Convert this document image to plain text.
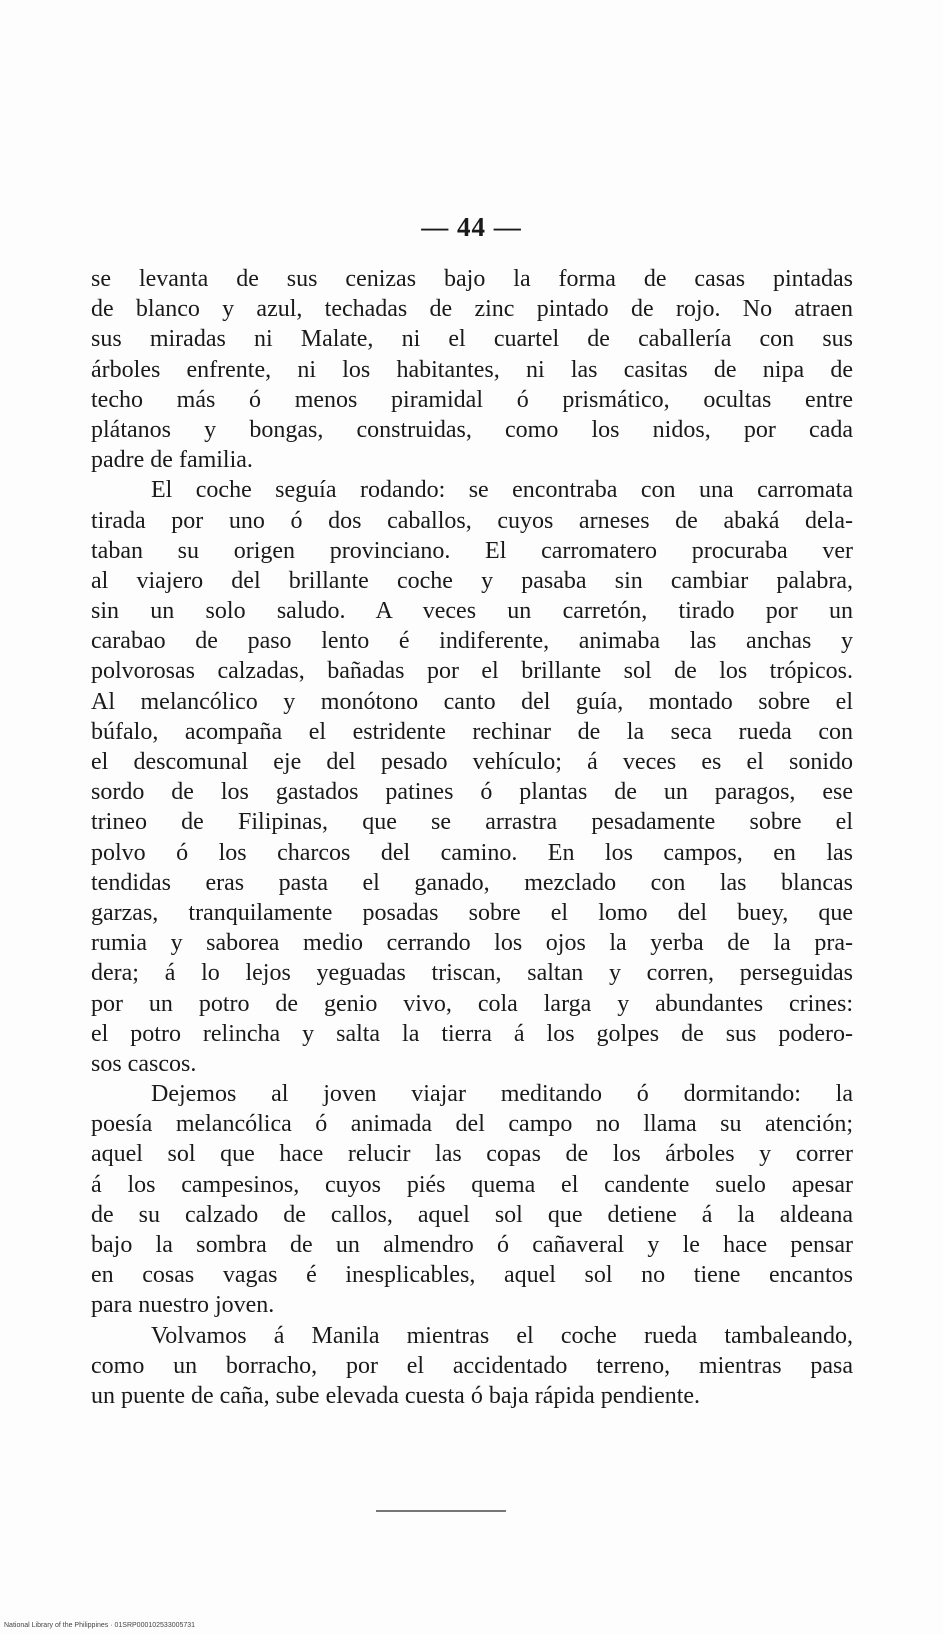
— 44 —
se levanta de sus cenizas bajo la forma de casas pintadas
de blanco y azul, techadas de zinc pintado de rojo. No atraen
sus miradas ni Malate, ni el cuartel de caballería con sus
árboles enfrente, ni los habitantes, ni las casitas de nipa de
techo más ó menos piramidal ó prismático, ocultas entre
plátanos y bongas, construidas, como los nidos, por cada
padre de familia.
El coche seguía rodando: se encontraba con una carromata
tirada por uno ó dos caballos, cuyos arneses de abaká dela-
taban su origen provinciano. El carromatero procuraba ver
al viajero del brillante coche y pasaba sin cambiar palabra,
sin un solo saludo. A veces un carretón, tirado por un
carabao de paso lento é indiferente, animaba las anchas y
polvorosas calzadas, bañadas por el brillante sol de los trópicos.
Al melancólico y monótono canto del guía, montado sobre el
búfalo, acompaña el estridente rechinar de la seca rueda con
el descomunal eje del pesado vehículo; á veces es el sonido
sordo de los gastados patines ó plantas de un paragos, ese
trineo de Filipinas, que se arrastra pesadamente sobre el
polvo ó los charcos del camino. En los campos, en las
tendidas eras pasta el ganado, mezclado con las blancas
garzas, tranquilamente posadas sobre el lomo del buey, que
rumia y saborea medio cerrando los ojos la yerba de la pra-
dera; á lo lejos yeguadas triscan, saltan y corren, perseguidas
por un potro de genio vivo, cola larga y abundantes crines:
el potro relincha y salta la tierra á los golpes de sus podero-
sos cascos.
Dejemos al joven viajar meditando ó dormitando: la
poesía melancólica ó animada del campo no llama su atención;
aquel sol que hace relucir las copas de los árboles y correr
á los campesinos, cuyos piés quema el candente suelo apesar
de su calzado de callos, aquel sol que detiene á la aldeana
bajo la sombra de un almendro ó cañaveral y le hace pensar
en cosas vagas é inesplicables, aquel sol no tiene encantos
para nuestro joven.
Volvamos á Manila mientras el coche rueda tambaleando,
como un borracho, por el accidentado terreno, mientras pasa
un puente de caña, sube elevada cuesta ó baja rápida pendiente.
National Library of the Philippines · 01SRP000102533005731
